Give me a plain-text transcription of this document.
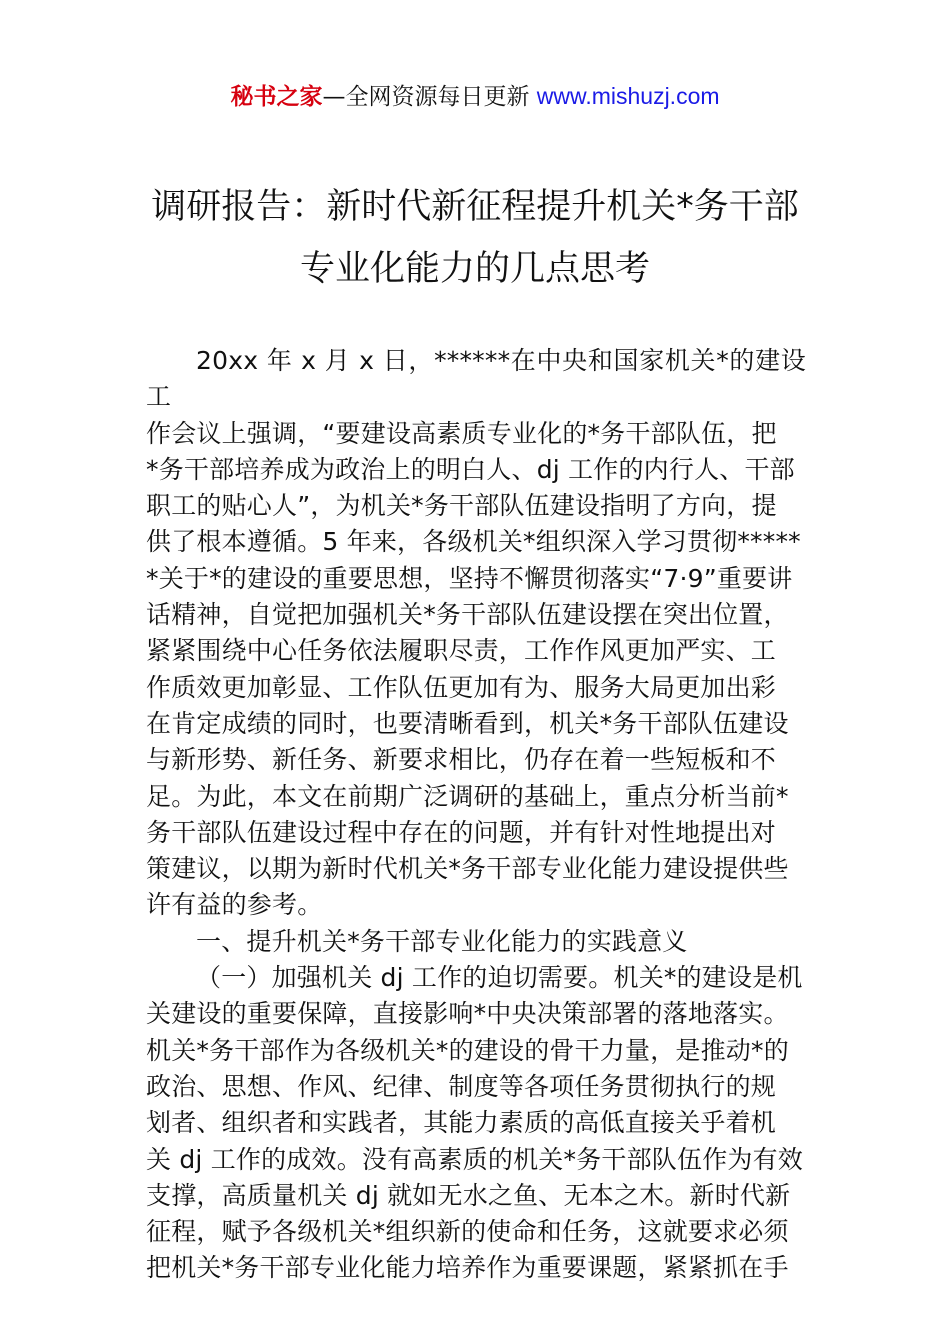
秘书之家—全网资源每日更新 www.mishuzj.com
调研报告：新时代新征程提升机关*务干部
专业化能力的几点思考
20xx 年 x 月 x 日，******在中央和国家机关*的建设工
作会议上强调，“要建设高素质专业化的*务干部队伍，把
*务干部培养成为政治上的明白人、dj 工作的内行人、干部
职工的贴心人”，为机关*务干部队伍建设指明了方向，提
供了根本遵循。5 年来，各级机关*组织深入学习贯彻*****
*关于*的建设的重要思想，坚持不懈贯彻落实“7·9”重要讲
话精神，自觉把加强机关*务干部队伍建设摆在突出位置，
紧紧围绕中心任务依法履职尽责，工作作风更加严实、工
作质效更加彰显、工作队伍更加有为、服务大局更加出彩
在肯定成绩的同时，也要清晰看到，机关*务干部队伍建设
与新形势、新任务、新要求相比，仍存在着一些短板和不
足。为此，本文在前期广泛调研的基础上，重点分析当前*
务干部队伍建设过程中存在的问题，并有针对性地提出对
策建议，以期为新时代机关*务干部专业化能力建设提供些
许有益的参考。
一、提升机关*务干部专业化能力的实践意义
（一）加强机关 dj 工作的迫切需要。机关*的建设是机
关建设的重要保障，直接影响*中央决策部署的落地落实。
机关*务干部作为各级机关*的建设的骨干力量，是推动*的
政治、思想、作风、纪律、制度等各项任务贯彻执行的规
划者、组织者和实践者，其能力素质的高低直接关乎着机
关 dj 工作的成效。没有高素质的机关*务干部队伍作为有效
支撑，高质量机关 dj 就如无水之鱼、无本之木。新时代新
征程，赋予各级机关*组织新的使命和任务，这就要求必须
把机关*务干部专业化能力培养作为重要课题，紧紧抓在手
